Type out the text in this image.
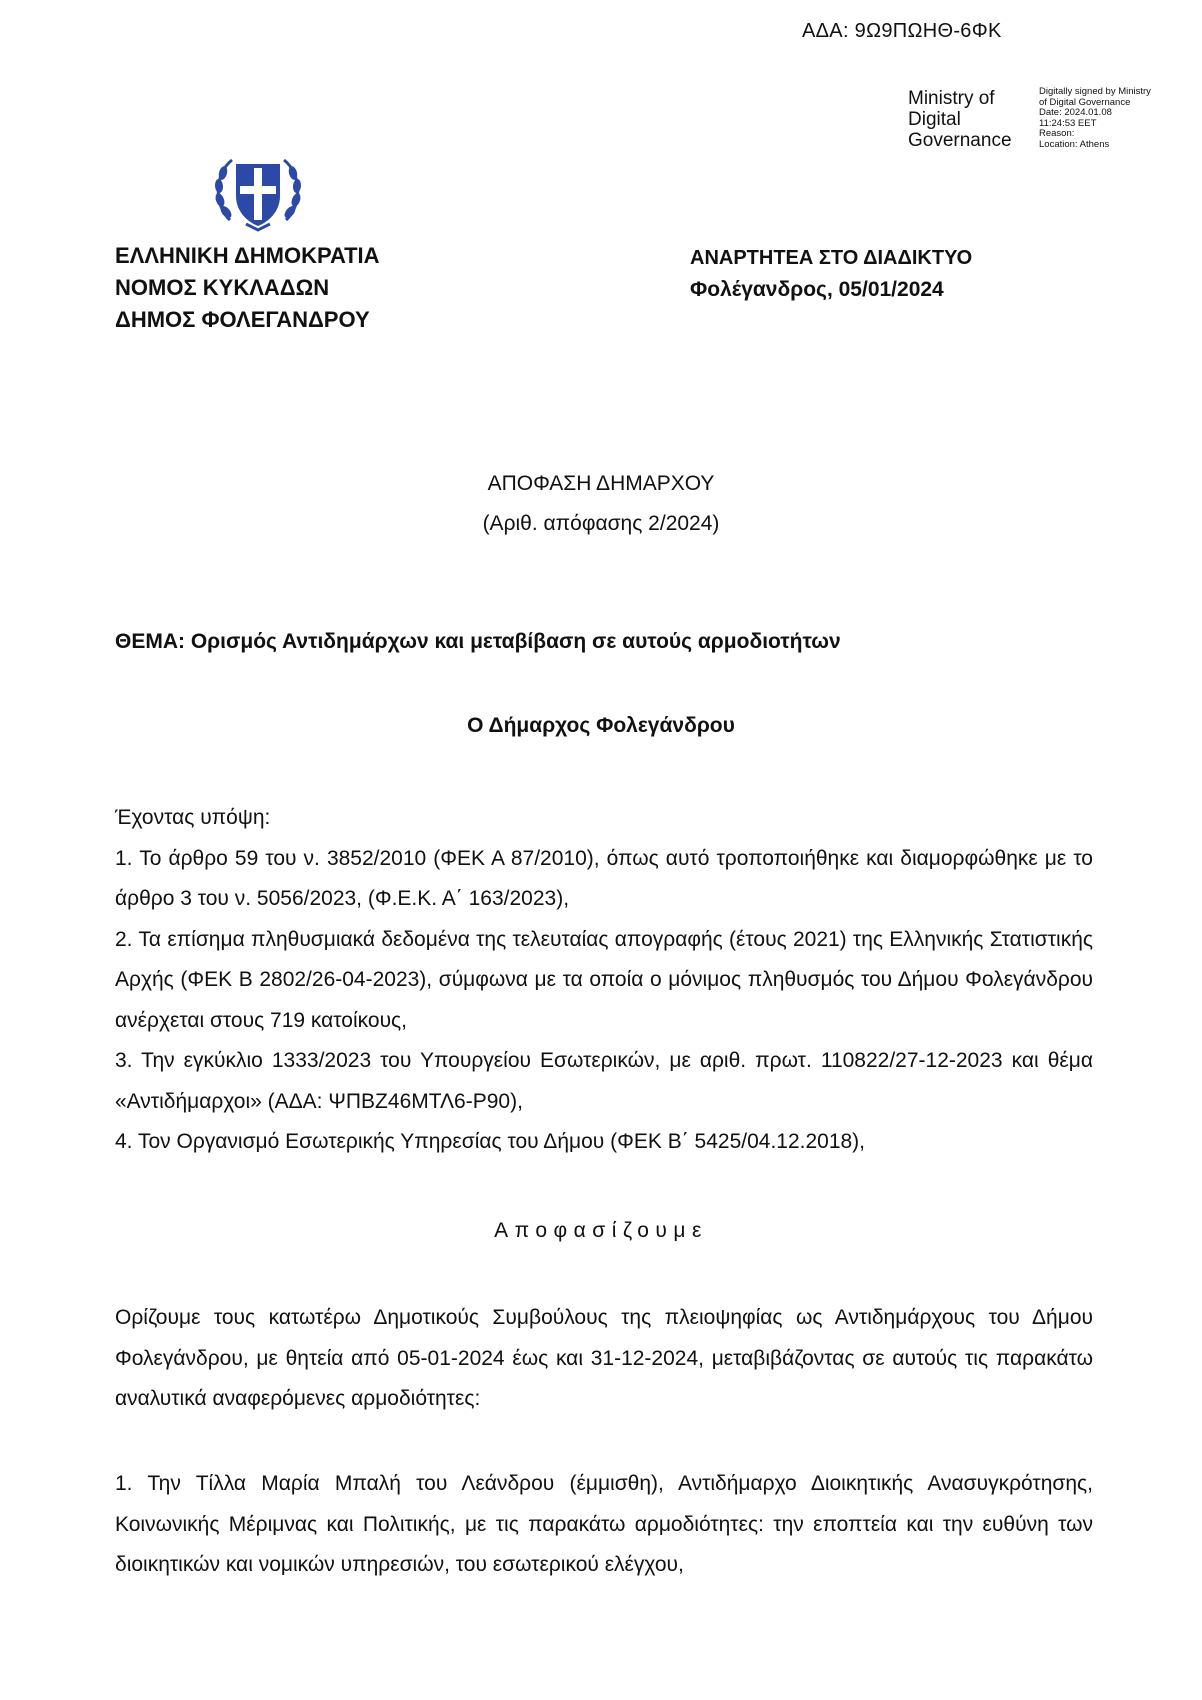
ΑΔΑ: 9Ω9ΠΩΗΘ-6ΦΚ
Ministry of
Digital
Governance
Digitally signed by Ministry
of Digital Governance
Date: 2024.01.08
11:24:53 EET
Reason:
Location: Athens
ΕΛΛΗΝΙΚΗ ΔΗΜΟΚΡΑΤΙΑ
ΝΟΜΟΣ ΚΥΚΛΑΔΩΝ
ΔΗΜΟΣ ΦΟΛΕΓΑΝΔΡΟΥ
ΑΝΑΡΤΗΤΕΑ ΣΤΟ ΔΙΑΔΙΚΤΥΟ
Φολέγανδρος, 05/01/2024
ΑΠΟΦΑΣΗ ΔΗΜΑΡΧΟΥ
(Αριθ. απόφασης 2/2024)
ΘΕΜΑ: Ορισμός Αντιδημάρχων και μεταβίβαση σε αυτούς αρμοδιοτήτων
Ο Δήμαρχος Φολεγάνδρου

Έχοντας υπόψη:

1. Το άρθρο 59 του ν. 3852/2010 (ΦΕΚ Α 87/2010), όπως αυτό τροποποιήθηκε και διαμορφώθηκε με το άρθρο 3 του ν. 5056/2023, (Φ.Ε.Κ. Α΄ 163/2023),

2. Τα επίσημα πληθυσμιακά δεδομένα της τελευταίας απογραφής (έτους 2021) της Ελληνικής Στατιστικής Αρχής (ΦΕΚ Β 2802/26-04-2023), σύμφωνα με τα οποία ο μόνιμος πληθυσμός του Δήμου Φολεγάνδρου ανέρχεται στους 719 κατοίκους,

3. Την εγκύκλιο 1333/2023 του Υπουργείου Εσωτερικών, με αριθ. πρωτ. 110822/27-12-2023 και θέμα «Αντιδήμαρχοι» (ΑΔΑ: ΨΠΒΖ46ΜΤΛ6-Ρ90),

4. Τον Οργανισμό Εσωτερικής Υπηρεσίας του Δήμου (ΦΕΚ Β΄ 5425/04.12.2018),

Αποφασίζουμε

Ορίζουμε τους κατωτέρω Δημοτικούς Συμβούλους της πλειοψηφίας ως Αντιδημάρχους του Δήμου Φολεγάνδρου, με θητεία από 05-01-2024 έως και 31-12-2024, μεταβιβάζοντας σε αυτούς τις παρακάτω αναλυτικά αναφερόμενες αρμοδιότητες:

1. Την Τίλλα Μαρία Μπαλή του Λεάνδρου (έμμισθη), Αντιδήμαρχο Διοικητικής Ανασυγκρότησης, Κοινωνικής Μέριμνας και Πολιτικής, με τις παρακάτω αρμοδιότητες: την εποπτεία και την ευθύνη των διοικητικών και νομικών υπηρεσιών, του εσωτερικού ελέγχου,
